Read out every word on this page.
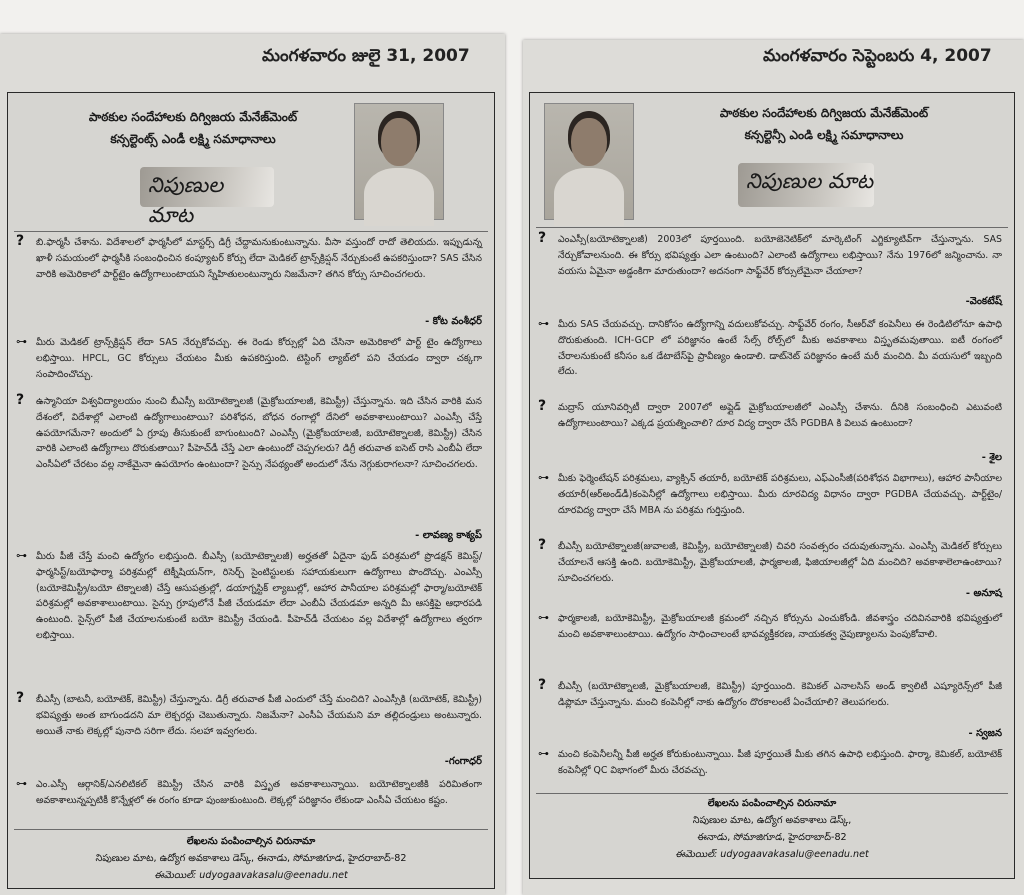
మంగళవారం జులై 31, 2007
పాఠకుల సందేహాలకు దిగ్విజయ మేనేజ్‌మెంట్
కన్సల్టెంట్స్ ఎండీ లక్ష్మి సమాధానాలు
నిపుణుల మాట
? బి.ఫార్మసీ చేశాను. విదేశాలలో ఫార్మసీలో మాస్టర్స్ డిగ్రీ చేద్దామనుకుంటున్నాను. వీసా వస్తుందో రాదో తెలియదు. ఇప్పుడున్న ఖాళీ సమయంలో ఫార్మసీకి సంబంధించిన కంప్యూటర్ కోర్సు లేదా మెడికల్ ట్రాన్స్‌క్రిప్షన్ నేర్చుకుంటే ఉపకరిస్తుందా? SAS చేసిన వారికి అమెరికాలో పార్ట్‌టైం ఉద్యోగాలుంటాయని స్నేహితులంటున్నారు నిజమేనా? తగిన కోర్సు సూచించగలరు.
- కోట వంశీధర్
⊶ మీరు మెడికల్ ట్రాన్స్‌క్రిప్షన్ లేదా SAS నేర్చుకోవచ్చు. ఈ రెండు కోర్సుల్లో ఏది చేసినా అమెరికాలో పార్ట్ టైం ఉద్యోగాలు లభిస్తాయి. HPCL, GC కోర్సులు చేయటం మీకు ఉపకరిస్తుంది. టెస్టింగ్ ల్యాబ్‌లో పని చేయడం ద్వారా చక్కగా సంపాదించొచ్చు.
? ఉస్మానియా విశ్వవిద్యాలయం నుంచి బీఎస్సీ బయోటెక్నాలజీ (మైక్రోబయాలజీ, కెమిస్ట్రీ) చేస్తున్నాను. ఇది చేసిన వారికి మన దేశంలో, విదేశాల్లో ఎలాంటి ఉద్యోగాలుంటాయి? పరిశోధన, బోధన రంగాల్లో దేనిలో అవకాశాలుంటాయి? ఎంఎస్సీ చేస్తే ఉపయోగమేనా? అందులో ఏ గ్రూపు తీసుకుంటే బాగుంటుంది? ఎంఎస్సీ (మైక్రోబయాలజీ, బయోటెక్నాలజీ, కెమిస్ట్రీ) చేసిన వారికి ఎలాంటి ఉద్యోగాలు దొరుకుతాయి? పీహెచ్‌డీ చేస్తే ఎలా ఉంటుందో చెప్పగలరు? డిగ్రీ తరువాత ఐసెట్ రాసి ఎంబీఏ లేదా ఎంసీఏలో చేరటం వల్ల నాకేమైనా ఉపయోగం ఉంటుందా? సైన్సు నేపథ్యంతో అందులో నేను నెగ్గుకురాగలనా? సూచించగలరు.
- లావణ్య కాశ్యప్
⊶ మీరు పీజీ చేస్తే మంచి ఉద్యోగం లభిస్తుంది. బీఎస్సీ (బయోటెక్నాలజీ) అర్హతతో ఏదైనా ఫుడ్ పరిశ్రమలో ప్రొడక్షన్ కెమిస్ట్/ఫార్మసిస్ట్/బయోఫార్మా పరిశ్రమల్లో టెక్నీషియన్‌గా, రిసెర్చ్ సైంటిస్టులకు సహాయకులుగా ఉద్యోగాలు పొందొచ్చు. ఎంఎస్సీ (బయోకెమిస్ట్రీ/బయో టెక్నాలజీ) చేస్తే ఆసుపత్రుల్లో, డయాగ్నస్టిక్ ల్యాబుల్లో, ఆహార పానీయాల పరిశ్రమల్లో ఫార్మా/బయోటెక్ పరిశ్రమల్లో అవకాశాలుంటాయి. సైన్సు గ్రూపులోనే పీజీ చేయడమా లేదా ఎంబీఏ చేయడమా అన్నది మీ ఆసక్తిపై ఆధారపడి ఉంటుంది. సైన్స్‌లో పీజీ చేయాలనుకుంటే బయో కెమిస్ట్రీ చేయండి. పీహెచ్‌డీ చేయటం వల్ల విదేశాల్లో ఉద్యోగాలు త్వరగా లభిస్తాయి.
? బీఎస్సీ (బాటనీ, బయోటెక్, కెమిస్ట్రీ) చేస్తున్నాను. డిగ్రీ తరువాత పీజీ ఎందులో చేస్తే మంచిది? ఎంఎస్సీకి (బయోటెక్, కెమిస్ట్రీ) భవిష్యత్తు అంత బాగుండదని మా లెక్చరర్లు చెబుతున్నారు. నిజమేనా? ఎంసీఏ చేయమని మా తల్లిదండ్రులు అంటున్నారు. అయితే నాకు లెక్కల్లో పునాది సరిగా లేదు. సలహా ఇవ్వగలరు.
-గంగాధర్
⊶ ఎం.ఎస్సీ ఆర్గానిక్/ఎనలిటికల్ కెమిస్ట్రీ చేసిన వారికి విస్తృత అవకాశాలున్నాయి. బయోటెక్నాలజీకి పరిమితంగా అవకాశాలున్నప్పటికీ కొన్నేళ్లలో ఈ రంగం కూడా పుంజుకుంటుంది. లెక్కల్లో పరిజ్ఞానం లేకుండా ఎంసీఏ చేయటం కష్టం.
లేఖలను పంపించాల్సిన చిరునామా
నిపుణుల మాట, ఉద్యోగ అవకాశాలు డెస్క్, ఈనాడు, సోమాజిగూడ, హైదరాబాద్-82
ఈమెయిల్: udyogaavakasalu@eenadu.net
మంగళవారం సెప్టెంబరు 4, 2007
పాఠకుల సందేహాలకు దిగ్విజయ మేనేజ్‌మెంట్
కన్సల్టెన్సీ ఎండి లక్ష్మి సమాధానాలు
నిపుణుల మాట
? ఎంఎస్సీ(బయోటెక్నాలజీ) 2003లో పూర్తయింది. బయోజెనెటిక్‌లో మార్కెటింగ్ ఎగ్జిక్యూటివ్‌గా చేస్తున్నాను. SAS నేర్చుకోవాలనుంది. ఈ కోర్సు భవిష్యత్తు ఎలా ఉంటుంది? ఎలాంటి ఉద్యోగాలు లభిస్తాయి? నేను 1976లో జన్మించాను. నా వయసు ఏమైనా అడ్డంకిగా మారుతుందా? అదనంగా సాఫ్ట్‌వేర్ కోర్సులేమైనా చేయాలా?
-వెంకటేష్
⊶ మీరు SAS చేయవచ్చు. దానికోసం ఉద్యోగాన్ని వదులుకోవచ్చు. సాఫ్ట్‌వేర్ రంగం, సీఆర్‌వో కంపెనీలు ఈ రెండిటిలోనూ ఉపాధి దొరుకుతుంది. ICH-GCP లో పరిజ్ఞానం ఉంటే సేల్స్ రోల్స్‌లో మీకు అవకాశాలు విస్తృతమవుతాయి. ఐటీ రంగంలో చేరాలనుకుంటే కనీసం ఒక డేటాబేస్‌పై ప్రావీణ్యం ఉండాలి. డాట్‌నెట్ పరిజ్ఞానం ఉంటే మరీ మంచిది. మీ వయసులో ఇబ్బంది లేదు.
? మద్రాస్ యూనివర్సిటీ ద్వారా 2007లో అప్లైడ్ మైక్రోబయాలజీలో ఎంఎస్సీ చేశాను. దీనికి సంబంధించి ఎటువంటి ఉద్యోగాలుంటాయి? ఎక్కడ ప్రయత్నించాలి? దూర విద్య ద్వారా చేసే PGDBA కి విలువ ఉంటుందా?
- శైల
⊶ మీకు ఫెర్మెంటేషన్ పరిశ్రమలు, వ్యాక్సిన్ తయారీ, బయోటెక్ పరిశ్రమలు, ఎఫ్ఎంసీజీ(పరిశోధన విభాగాలు), ఆహార పానీయాల తయారీ(ఆర్‌అండ్‌డీ)కంపెనీల్లో ఉద్యోగాలు లభిస్తాయి. మీరు దూరవిద్య విధానం ద్వారా PGDBA చేయవచ్చు. పార్ట్‌టైం/దూరవిద్య ద్వారా చేసే MBA ను పరిశ్రమ గుర్తిస్తుంది.
? బీఎస్సీ బయోటెక్నాలజీ(జువాలజీ, కెమిస్ట్రీ, బయోటెక్నాలజీ) చివరి సంవత్సరం చదువుతున్నాను. ఎంఎస్సీ మెడికల్ కోర్సులు చేయాలనే ఆసక్తి ఉంది. బయోకెమిస్ట్రీ, మైక్రోబయాలజీ, ఫార్మకాలజీ, ఫిజియాలజీల్లో ఏది మంచిది? అవకాశాలెలాఉంటాయి? సూచించగలరు.
- అనూష
⊶ ఫార్మకాలజీ, బయోకెమిస్ట్రీ, మైక్రోబయాలజీ క్రమంలో నచ్చిన కోర్సును ఎంచుకోండి. జీవశాస్త్రం చదివినవారికి భవిష్యత్తులో మంచి అవకాశాలుంటాయి. ఉద్యోగం సాధించాలంటే భావవ్యక్తీకరణ, నాయకత్వ నైపుణ్యాలను పెంపుకోవాలి.
? బీఎస్సీ (బయోటెక్నాలజీ, మైక్రోబయాలజీ, కెమిస్ట్రీ) పూర్తయింది. కెమికల్ ఎనాలసిస్ అండ్ క్వాలిటీ ఎష్యూరెన్స్‌లో పీజీ డిప్లొమా చేస్తున్నాను. మంచి కంపెనీల్లో నాకు ఉద్యోగం దొరకాలంటే ఏంచేయాలి? తెలుపగలరు.
- స్వజన
⊶ మంచి కంపెనీలన్నీ పీజీ అర్హత కోరుకుంటున్నాయి. పీజీ పూర్తయితే మీకు తగిన ఉపాధి లభిస్తుంది. ఫార్మా, కెమికల్, బయోటెక్ కంపెనీల్లో QC విభాగంలో మీరు చేరవచ్చు.
లేఖలను పంపించాల్సిన చిరునామా
నిపుణుల మాట, ఉద్యోగ అవకాశాలు డెస్క్,
ఈనాడు, సోమాజిగూడ, హైదరాబాద్-82
ఈమెయిల్: udyogaavakasalu@eenadu.net
